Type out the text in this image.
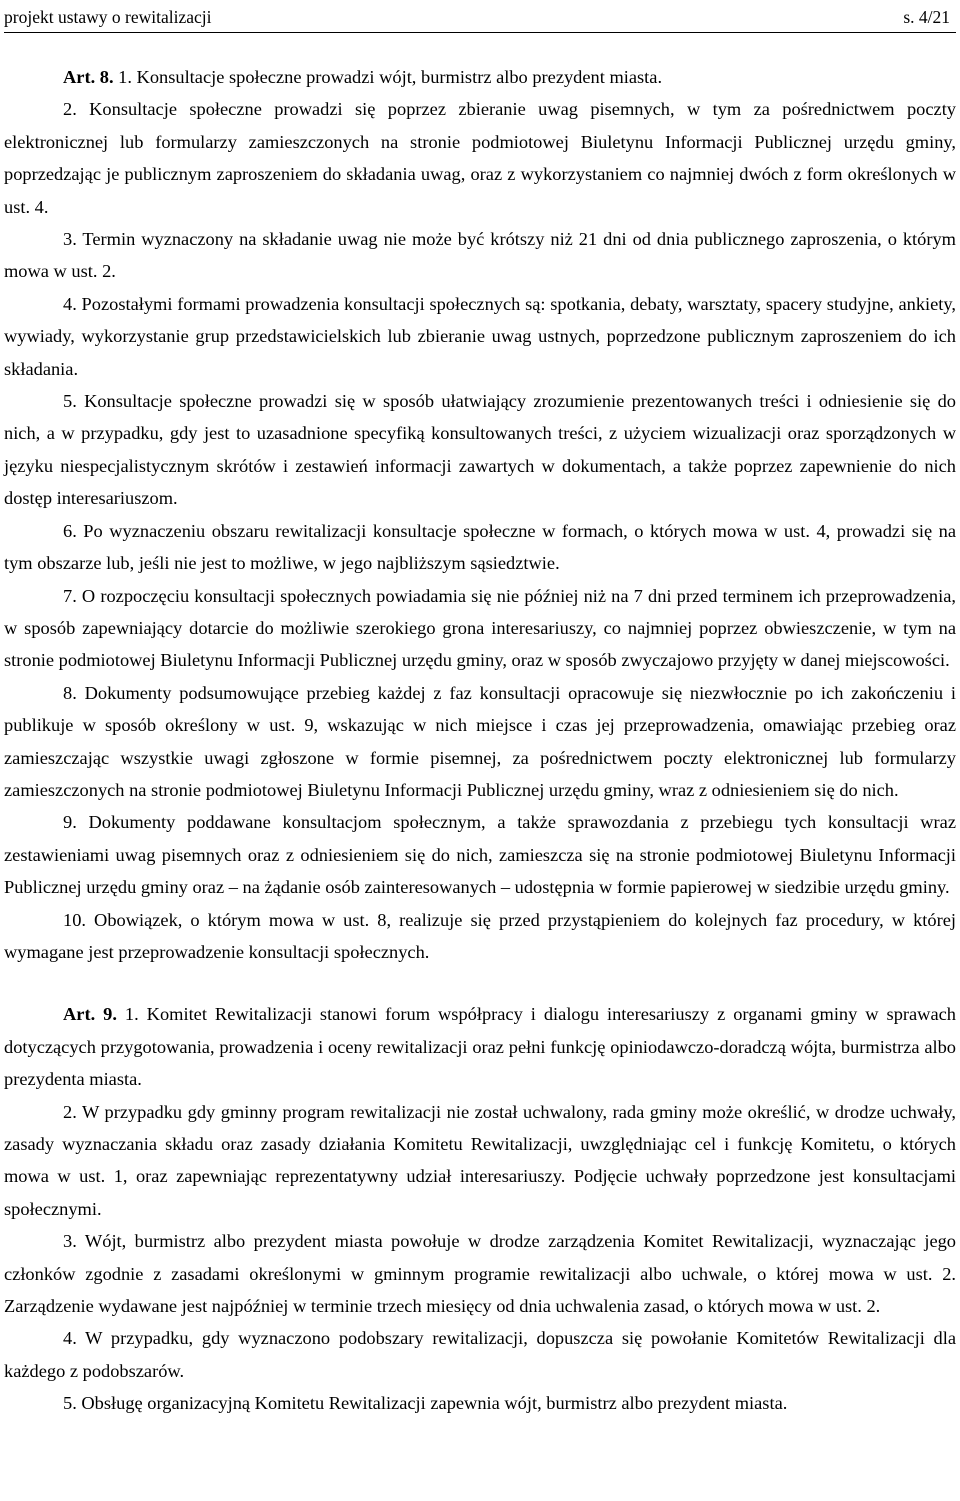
projekt ustawy o rewitalizacji	s. 4/21

Art. 8. 1. Konsultacje społeczne prowadzi wójt, burmistrz albo prezydent miasta.

2. Konsultacje społeczne prowadzi się poprzez zbieranie uwag pisemnych, w tym za pośrednictwem poczty elektronicznej lub formularzy zamieszczonych na stronie podmiotowej Biuletynu Informacji Publicznej urzędu gminy, poprzedzając je publicznym zaproszeniem do składania uwag, oraz z wykorzystaniem co najmniej dwóch z form określonych w ust. 4.

3. Termin wyznaczony na składanie uwag nie może być krótszy niż 21 dni od dnia publicznego zaproszenia, o którym mowa w ust. 2.

4. Pozostałymi formami prowadzenia konsultacji społecznych są: spotkania, debaty, warsztaty, spacery studyjne, ankiety, wywiady, wykorzystanie grup przedstawicielskich lub zbieranie uwag ustnych, poprzedzone publicznym zaproszeniem do ich składania.

5. Konsultacje społeczne prowadzi się w sposób ułatwiający zrozumienie prezentowanych treści i odniesienie się do nich, a w przypadku, gdy jest to uzasadnione specyfiką konsultowanych treści, z użyciem wizualizacji oraz sporządzonych w języku niespecjalistycznym skrótów i zestawień informacji zawartych w dokumentach, a także poprzez zapewnienie do nich dostęp interesariuszom.

6. Po wyznaczeniu obszaru rewitalizacji konsultacje społeczne w formach, o których mowa w ust. 4, prowadzi się na tym obszarze lub, jeśli nie jest to możliwe, w jego najbliższym sąsiedztwie.

7. O rozpoczęciu konsultacji społecznych powiadamia się nie później niż na 7 dni przed terminem ich przeprowadzenia, w sposób zapewniający dotarcie do możliwie szerokiego grona interesariuszy, co najmniej poprzez obwieszczenie, w tym na stronie podmiotowej Biuletynu Informacji Publicznej urzędu gminy, oraz w sposób zwyczajowo przyjęty w danej miejscowości.

8. Dokumenty podsumowujące przebieg każdej z faz konsultacji opracowuje się niezwłocznie po ich zakończeniu i publikuje w sposób określony w ust. 9, wskazując w nich miejsce i czas jej przeprowadzenia, omawiając przebieg oraz zamieszczając wszystkie uwagi zgłoszone w formie pisemnej, za pośrednictwem poczty elektronicznej lub formularzy zamieszczonych na stronie podmiotowej Biuletynu Informacji Publicznej urzędu gminy, wraz z odniesieniem się do nich.

9. Dokumenty poddawane konsultacjom społecznym, a także sprawozdania z przebiegu tych konsultacji wraz zestawieniami uwag pisemnych oraz z odniesieniem się do nich, zamieszcza się na stronie podmiotowej Biuletynu Informacji Publicznej urzędu gminy oraz – na żądanie osób zainteresowanych – udostępnia w formie papierowej w siedzibie urzędu gminy.

10. Obowiązek, o którym mowa w ust. 8, realizuje się przed przystąpieniem do kolejnych faz procedury, w której wymagane jest przeprowadzenie konsultacji społecznych.

Art. 9. 1. Komitet Rewitalizacji stanowi forum współpracy i dialogu interesariuszy z organami gminy w sprawach dotyczących przygotowania, prowadzenia i oceny rewitalizacji oraz pełni funkcję opiniodawczo-doradczą wójta, burmistrza albo prezydenta miasta.

2. W przypadku gdy gminny program rewitalizacji nie został uchwalony, rada gminy może określić, w drodze uchwały, zasady wyznaczania składu oraz zasady działania Komitetu Rewitalizacji, uwzględniając cel i funkcję Komitetu, o których mowa w ust. 1, oraz zapewniając reprezentatywny udział interesariuszy. Podjęcie uchwały poprzedzone jest konsultacjami społecznymi.

3. Wójt, burmistrz albo prezydent miasta powołuje w drodze zarządzenia Komitet Rewitalizacji, wyznaczając jego członków zgodnie z zasadami określonymi w gminnym programie rewitalizacji albo uchwale, o której mowa w ust. 2. Zarządzenie wydawane jest najpóźniej w terminie trzech miesięcy od dnia uchwalenia zasad, o których mowa w ust. 2.

4. W przypadku, gdy wyznaczono podobszary rewitalizacji, dopuszcza się powołanie Komitetów Rewitalizacji dla każdego z podobszarów.

5. Obsługę organizacyjną Komitetu Rewitalizacji zapewnia wójt, burmistrz albo prezydent miasta.
